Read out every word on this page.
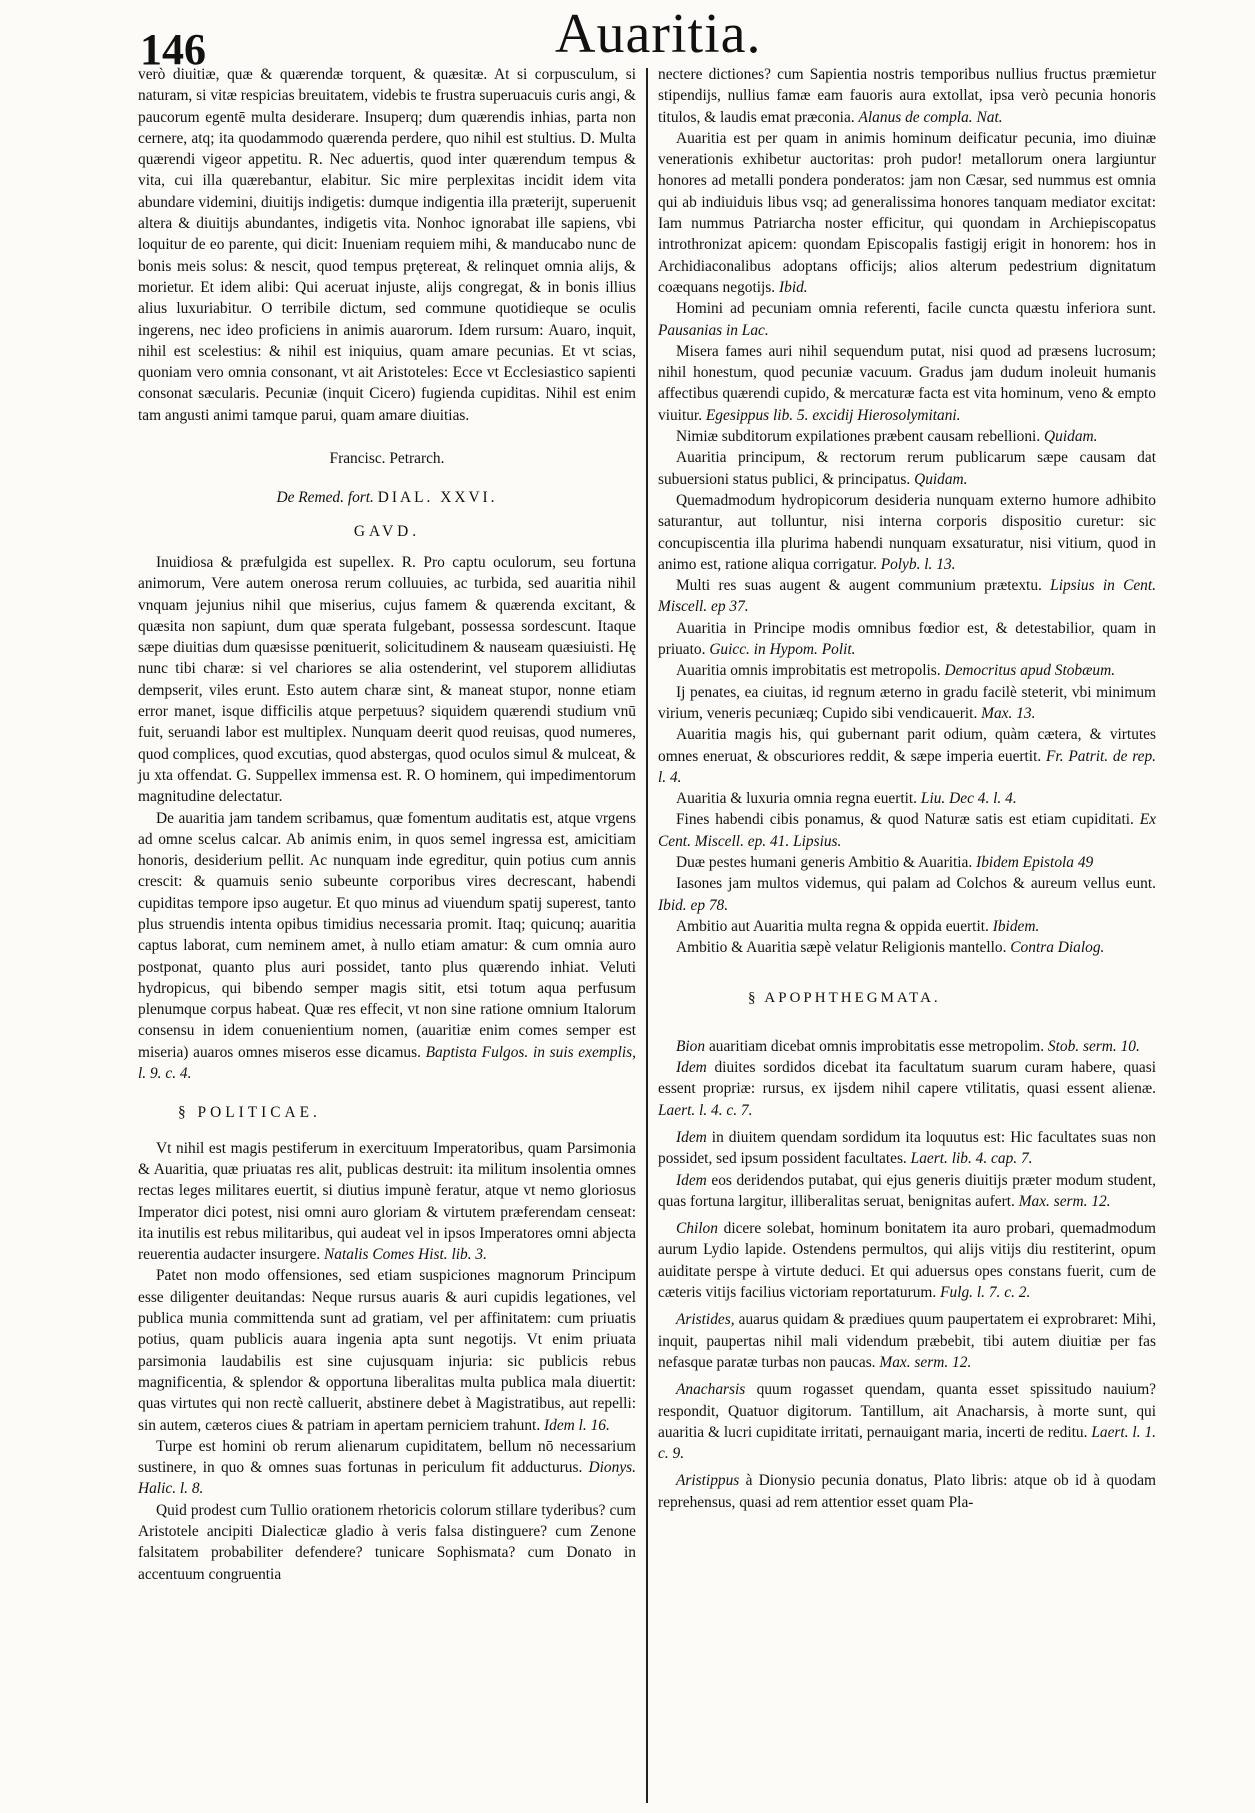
146	Auaritia.

verò diuitiæ, quæ & quærendæ torquent, & quæsitæ. At si corpusculum, si naturam, si vitæ respicias breuitatem, videbis te frustra superuacuis curis angi, & paucorum egentē multa desiderare. Insuperq; dum quærendis inhias, parta non cernere, atq; ita quodammodo quærenda perdere, quo nihil est stultius. D. Multa quærendi vigeor appetitu. R. Nec aduertis, quod inter quærendum tempus & vita, cui illa quærebantur, elabitur. Sic mire perplexitas incidit idem vita abundare videmini, diuitijs indigetis: dumque indigentia illa præterijt, superuenit altera & diuitijs abundantes, indigetis vita. Nonhoc ignorabat ille sapiens, vbi loquitur de eo parente, qui dicit: Inueniam requiem mihi, & manducabo nunc de bonis meis solus: & nescit, quod tempus prętereat, & relinquet omnia alijs, & morietur. Et idem alibi: Qui aceruat injuste, alijs congregat, & in bonis illius alius luxuriabitur. O terribile dictum, sed commune quotidieque se oculis ingerens, nec ideo proficiens in animis auarorum. Idem rursum: Auaro, inquit, nihil est scelestius: & nihil est iniquius, quam amare pecunias. Et vt scias, quoniam vero omnia consonant, vt ait Aristoteles: Ecce vt Ecclesiastico sapienti consonat sæcularis. Pecuniæ (inquit Cicero) fugienda cupiditas. Nihil est enim tam angusti animi tamque parui, quam amare diuitias.

Francisc. Petrarch.
De Remed. fort. DIAL. XXVI.
GAVD.

Inuidiosa & præfulgida est supellex. R. Pro captu oculorum, seu fortuna animorum, Vere autem onerosa rerum colluuies, ac turbida, sed auaritia nihil vnquam jejunius nihil que miserius, cujus famem & quærenda excitant, & quæsita non sapiunt, dum quæ sperata fulgebant, possessa sordescunt. Itaque sæpe diuitias dum quæsisse pœnituerit, solicitudinem & nauseam quæsiuisti. Hę nunc tibi charæ: si vel chariores se alia ostenderint, vel stuporem allidiutas dempserit, viles erunt. Esto autem charæ sint, & maneat stupor, nonne etiam error manet, isque difficilis atque perpetuus? siquidem quærendi studium vnū fuit, seruandi labor est multiplex. Nunquam deerit quod reuisas, quod numeres, quod complices, quod excutias, quod abstergas, quod oculos simul & mulceat, & ju xta offendat. G. Suppellex immensa est. R. O hominem, qui impedimentorum magnitudine delectatur.

De auaritia jam tandem scribamus, quæ fomentum auditatis est, atque vrgens ad omne scelus calcar. Ab animis enim, in quos semel ingressa est, amicitiam honoris, desiderium pellit. Ac nunquam inde egreditur, quin potius cum annis crescit: & quamuis senio subeunte corporibus vires decrescant, habendi cupiditas tempore ipso augetur. Et quo minus ad viuendum spatij superest, tanto plus struendis intenta opibus timidius necessaria promit. Itaq; quicunq; auaritia captus laborat, cum neminem amet, à nullo etiam amatur: & cum omnia auro postponat, quanto plus auri possidet, tanto plus quærendo inhiat. Veluti hydropicus, qui bibendo semper magis sitit, etsi totum aqua perfusum plenumque corpus habeat. Quæ res effecit, vt non sine ratione omnium Italorum consensu in idem conuenientium nomen, (auaritiæ enim comes semper est miseria) auaros omnes miseros esse dicamus. Baptista Fulgos. in suis exemplis, l. 9. c. 4.

§ POLITICAE.

Vt nihil est magis pestiferum in exercituum Imperatoribus, quam Parsimonia & Auaritia, quæ priuatas res alit, publicas destruit: ita militum insolentia omnes rectas leges militares euertit, si diutius impunè feratur, atque vt nemo gloriosus Imperator dici potest, nisi omni auro gloriam & virtutem præferendam censeat: ita inutilis est rebus militaribus, qui audeat vel in ipsos Imperatores omni abjecta reuerentia audacter insurgere. Natalis Comes Hist. lib. 3.

Patet non modo offensiones, sed etiam suspiciones magnorum Principum esse diligenter deuitandas: Neque rursus auaris & auri cupidis legationes, vel publica munia committenda sunt ad gratiam, vel per affinitatem: cum priuatis potius, quam publicis auara ingenia apta sunt negotijs. Vt enim priuata parsimonia laudabilis est sine cujusquam injuria: sic publicis rebus magnificentia, & splendor & opportuna liberalitas multa publica mala diuertit: quas virtutes qui non rectè calluerit, abstinere debet à Magistratibus, aut repelli: sin autem, cæteros ciues & patriam in apertam perniciem trahunt. Idem l. 16.

Turpe est homini ob rerum alienarum cupiditatem, bellum nō necessarium sustinere, in quo & omnes suas fortunas in periculum fit adducturus. Dionys. Halic. l. 8.

Quid prodest cum Tullio orationem rhetoricis colorum stillare tyderibus? cum Aristotele ancipiti Dialecticæ gladio à veris falsa distinguere? cum Zenone falsitatem probabiliter defendere? tunicare Sophismata? cum Donato in accentuum congruentia

nectere dictiones? cum Sapientia nostris temporibus nullius fructus præmietur stipendijs, nullius famæ eam fauoris aura extollat, ipsa verò pecunia honoris titulos, & laudis emat præconia. Alanus de compla. Nat.

Auaritia est per quam in animis hominum deificatur pecunia, imo diuinæ venerationis exhibetur auctoritas: proh pudor! metallorum onera largiuntur honores ad metalli pondera ponderatos: jam non Cæsar, sed nummus est omnia qui ab indiuiduis libus vsq; ad generalissima honores tanquam mediator excitat: Iam nummus Patriarcha noster efficitur, qui quondam in Archiepiscopatus introthronizat apicem: quondam Episcopalis fastigij erigit in honorem: hos in Archidiaconalibus adoptans officijs; alios alterum pedestrium dignitatum coæquans negotijs. Ibid.

Homini ad pecuniam omnia referenti, facile cuncta quæstu inferiora sunt. Pausanias in Lac.

Misera fames auri nihil sequendum putat, nisi quod ad præsens lucrosum; nihil honestum, quod pecuniæ vacuum. Gradus jam dudum inoleuit humanis affectibus quærendi cupido, & mercaturæ facta est vita hominum, veno & empto viuitur. Egesippus lib. 5. excidij Hierosolymitani.

Nimiæ subditorum expilationes præbent causam rebellioni. Quidam.

Auaritia principum, & rectorum rerum publicarum sæpe causam dat subuersioni status publici, & principatus. Quidam.

Quemadmodum hydropicorum desideria nunquam externo humore adhibito saturantur, aut tolluntur, nisi interna corporis dispositio curetur: sic concupiscentia illa plurima habendi nunquam exsaturatur, nisi vitium, quod in animo est, ratione aliqua corrigatur. Polyb. l. 13.

Multi res suas augent & augent communium prætextu. Lipsius in Cent. Miscell. ep 37.

Auaritia in Principe modis omnibus fœdior est, & detestabilior, quam in priuato. Guicc. in Hypom. Polit.

Auaritia omnis improbitatis est metropolis. Democritus apud Stobæum.

Ij penates, ea ciuitas, id regnum æterno in gradu facilè steterit, vbi minimum virium, veneris pecuniæq; Cupido sibi vendicauerit. Max. 13.

Auaritia magis his, qui gubernant parit odium, quàm cætera, & virtutes omnes eneruat, & obscuriores reddit, & sæpe imperia euertit. Fr. Patrit. de rep. l. 4.

Auaritia & luxuria omnia regna euertit. Liu. Dec 4. l. 4.

Fines habendi cibis ponamus, & quod Naturæ satis est etiam cupiditati. Ex Cent. Miscell. ep. 41. Lipsius.

Duæ pestes humani generis Ambitio & Auaritia. Ibidem Epistola 49

Iasones jam multos videmus, qui palam ad Colchos & aureum vellus eunt. Ibid. ep 78.

Ambitio aut Auaritia multa regna & oppida euertit. Ibidem.

Ambitio & Auaritia sæpè velatur Religionis mantello. Contra Dialog.

§ APOPHTHEGMATA.

Bion auaritiam dicebat omnis improbitatis esse metropolim. Stob. serm. 10.

Idem diuites sordidos dicebat ita facultatum suarum curam habere, quasi essent propriæ: rursus, ex ijsdem nihil capere vtilitatis, quasi essent alienæ. Laert. l. 4. c. 7.

Idem in diuitem quendam sordidum ita loquutus est: Hic facultates suas non possidet, sed ipsum possident facultates. Laert. lib. 4. cap. 7.

Idem eos deridendos putabat, qui ejus generis diuitijs præter modum student, quas fortuna largitur, illiberalitas seruat, benignitas aufert. Max. serm. 12.

Chilon dicere solebat, hominum bonitatem ita auro probari, quemadmodum aurum Lydio lapide. Ostendens permultos, qui alijs vitijs diu restiterint, opum auiditate perspe à virtute deduci. Et qui aduersus opes constans fuerit, cum de cæteris vitijs facilius victoriam reportaturum. Fulg. l. 7. c. 2.

Aristides, auarus quidam & prædiues quum paupertatem ei exprobraret: Mihi, inquit, paupertas nihil mali videndum præbebit, tibi autem diuitiæ per fas nefasque paratæ turbas non paucas. Max. serm. 12.

Anacharsis quum rogasset quendam, quanta esset spissitudo nauium? respondit, Quatuor digitorum. Tantillum, ait Anacharsis, à morte sunt, qui auaritia & lucri cupiditate irritati, pernauigant maria, incerti de reditu. Laert. l. 1. c. 9.

Aristippus à Dionysio pecunia donatus, Plato libris: atque ob id à quodam reprehensus, quasi ad rem attentior esset quam Pla-
